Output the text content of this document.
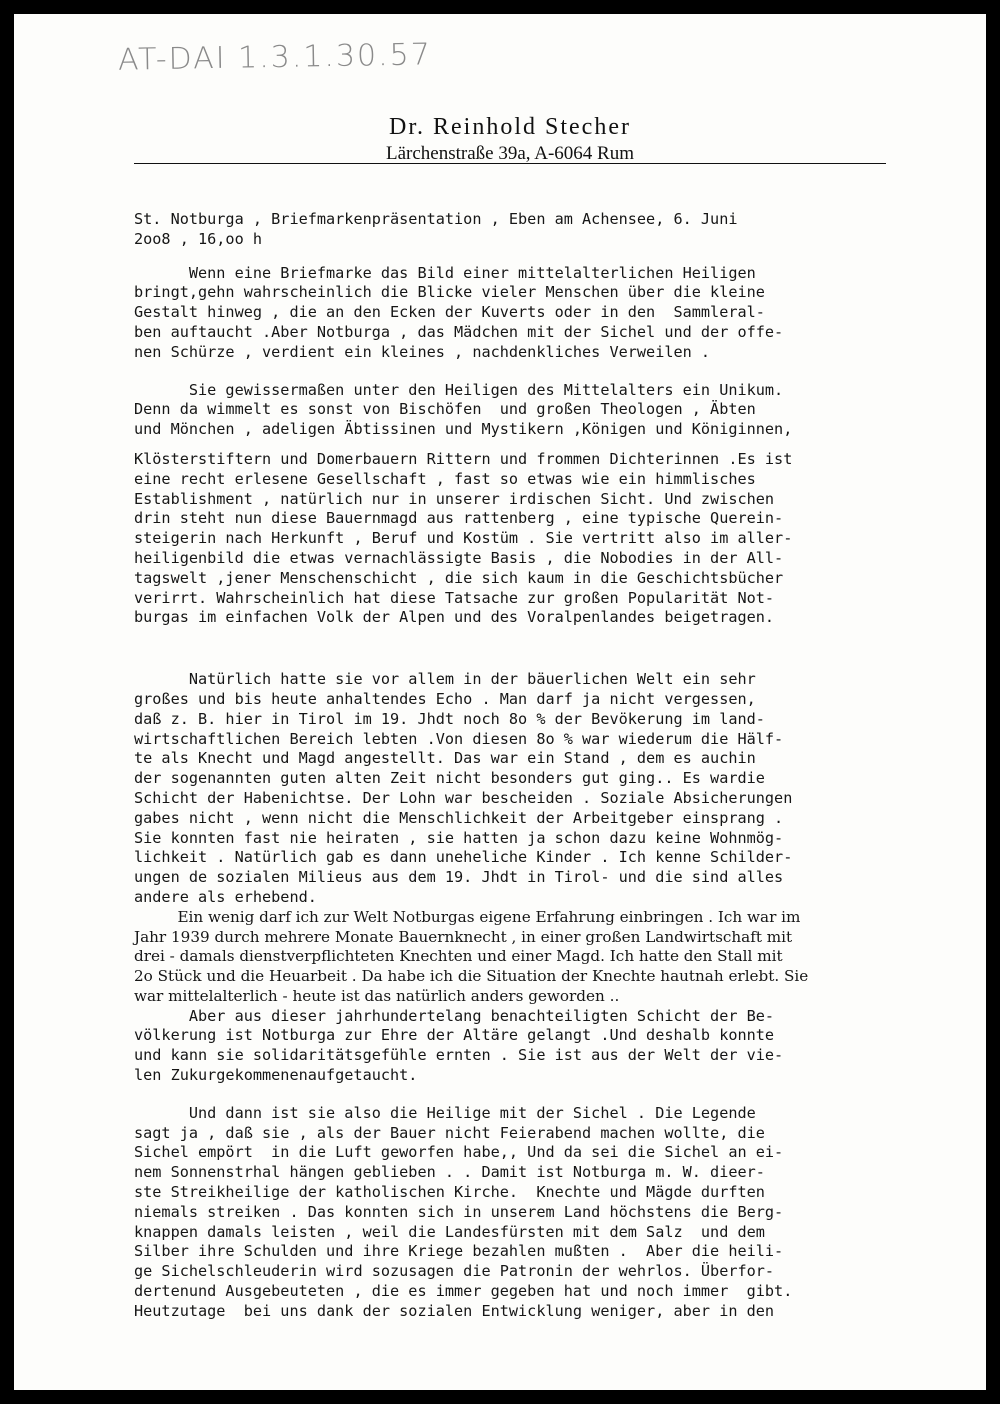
AT-DAI 1.3.1.30.57
Dr. Reinhold Stecher
Lärchenstraße 39a, A-6064 Rum
St. Notburga , Briefmarkenpräsentation , Eben am Achensee, 6. Juni
2oo8 , 16,oo h
Wenn eine Briefmarke das Bild einer mittelalterlichen Heiligen
bringt,gehn wahrscheinlich die Blicke vieler Menschen über die kleine
Gestalt hinweg , die an den Ecken der Kuverts oder in den  Sammleral-
ben auftaucht .Aber Notburga , das Mädchen mit der Sichel und der offe-
nen Schürze , verdient ein kleines , nachdenkliches Verweilen .
Sie gewissermaßen unter den Heiligen des Mittelalters ein Unikum.
Denn da wimmelt es sonst von Bischöfen  und großen Theologen , Äbten
und Mönchen , adeligen Äbtissinen und Mystikern ,Königen und Königinnen,
Klösterstiftern und Domerbauern Rittern und frommen Dichterinnen .Es ist
eine recht erlesene Gesellschaft , fast so etwas wie ein himmlisches
Establishment , natürlich nur in unserer irdischen Sicht. Und zwischen
drin steht nun diese Bauernmagd aus rattenberg , eine typische Querein-
steigerin nach Herkunft , Beruf und Kostüm . Sie vertritt also im aller-
heiligenbild die etwas vernachlässigte Basis , die Nobodies in der All-
tagswelt ,jener Menschenschicht , die sich kaum in die Geschichtsbücher
verirrt. Wahrscheinlich hat diese Tatsache zur großen Popularität Not-
burgas im einfachen Volk der Alpen und des Voralpenlandes beigetragen.
Natürlich hatte sie vor allem in der bäuerlichen Welt ein sehr
großes und bis heute anhaltendes Echo . Man darf ja nicht vergessen,
daß z. B. hier in Tirol im 19. Jhdt noch 8o % der Bevökerung im land-
wirtschaftlichen Bereich lebten .Von diesen 8o % war wiederum die Hälf-
te als Knecht und Magd angestellt. Das war ein Stand , dem es auchin
der sogenannten guten alten Zeit nicht besonders gut ging.. Es wardie
Schicht der Habenichtse. Der Lohn war bescheiden . Soziale Absicherungen
gabes nicht , wenn nicht die Menschlichkeit der Arbeitgeber einsprang .
Sie konnten fast nie heiraten , sie hatten ja schon dazu keine Wohnmög-
lichkeit . Natürlich gab es dann uneheliche Kinder . Ich kenne Schilder-
ungen de sozialen Milieus aus dem 19. Jhdt in Tirol- und die sind alles
andere als erhebend.
Ein wenig darf ich zur Welt Notburgas eigene Erfahrung einbringen . Ich war im
Jahr 1939 durch mehrere Monate Bauernknecht , in einer großen Landwirtschaft mit
drei - damals dienstverpflichteten Knechten und einer Magd. Ich hatte den Stall mit
2o Stück und die Heuarbeit . Da habe ich die Situation der Knechte hautnah erlebt. Sie
war mittelalterlich - heute ist das natürlich anders geworden ..
Aber aus dieser jahrhundertelang benachteiligten Schicht der Be-
völkerung ist Notburga zur Ehre der Altäre gelangt .Und deshalb konnte
und kann sie solidaritätsgefühle ernten . Sie ist aus der Welt der vie-
len Zukurgekommenenaufgetaucht.
Und dann ist sie also die Heilige mit der Sichel . Die Legende
sagt ja , daß sie , als der Bauer nicht Feierabend machen wollte, die
Sichel empört  in die Luft geworfen habe,, Und da sei die Sichel an ei-
nem Sonnenstrhal hängen geblieben . . Damit ist Notburga m. W. dieer-
ste Streikheilige der katholischen Kirche.  Knechte und Mägde durften
niemals streiken . Das konnten sich in unserem Land höchstens die Berg-
knappen damals leisten , weil die Landesfürsten mit dem Salz  und dem
Silber ihre Schulden und ihre Kriege bezahlen mußten .  Aber die heili-
ge Sichelschleuderin wird sozusagen die Patronin der wehrlos. Überfor-
dertenund Ausgebeuteten , die es immer gegeben hat und noch immer  gibt.
Heutzutage  bei uns dank der sozialen Entwicklung weniger, aber in den
